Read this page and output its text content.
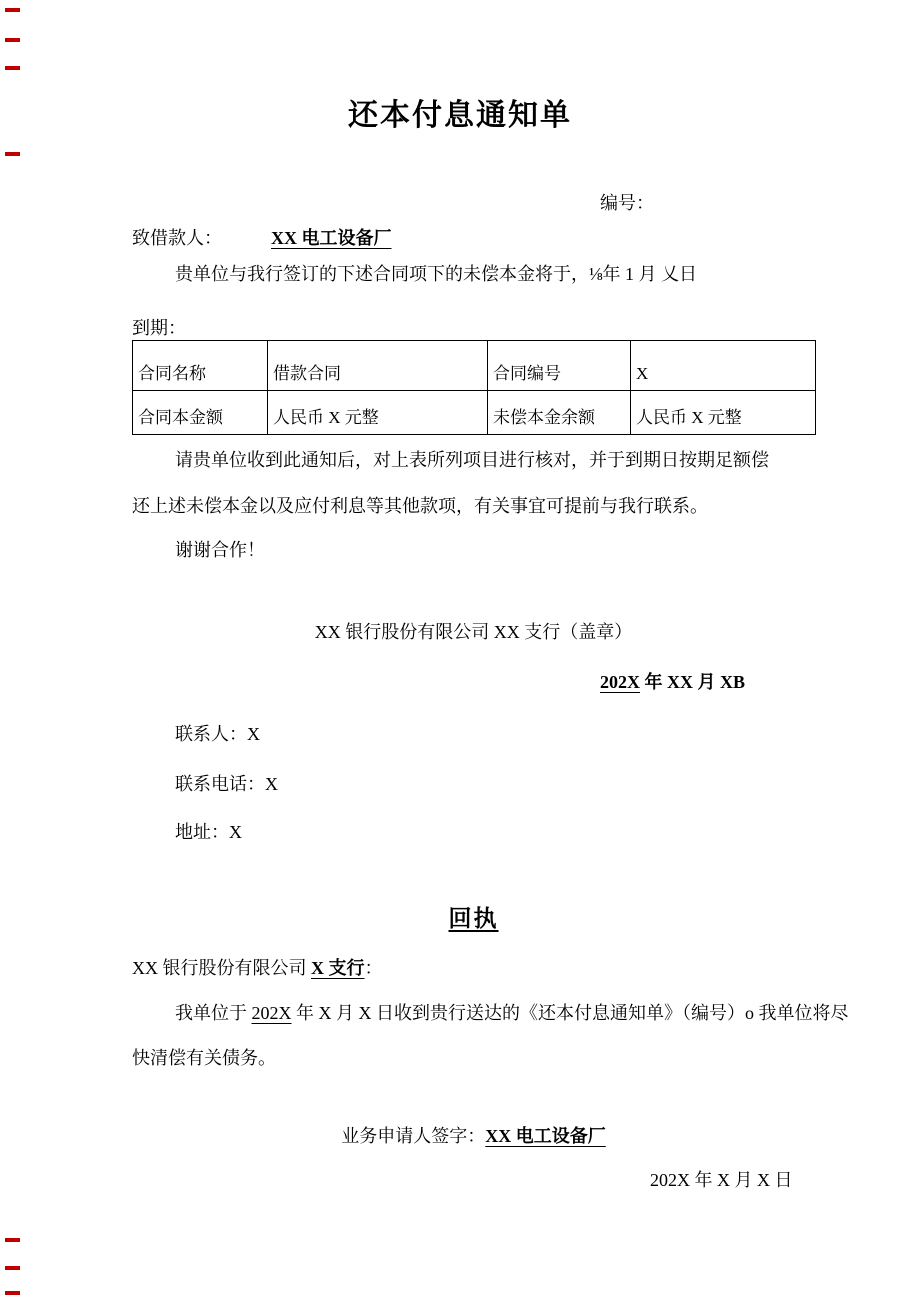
还本付息通知单
编号：
致借款人：	XX 电工设备厂
贵单位与我行签订的下述合同项下的未偿本金将于，⅛年 1 月 乂日
到期：
合同名称	借款合同	合同编号	X
合同本金额	人民币 X 元整	未偿本金余额	人民币 X 元整
请贵单位收到此通知后，对上表所列项目进行核对，并于到期日按期足额偿
还上述未偿本金以及应付利息等其他款项，有关事宜可提前与我行联系。
谢谢合作！
XX 银行股份有限公司 XX 支行（盖章）
202X 年 XX 月 XB
联系人：X
联系电话：X
地址：X
回执
XX 银行股份有限公司 X 支行：
我单位于 202X 年 X 月 X 日收到贵行送达的《还本付息通知单》（编号）o 我单位将尽
快清偿有关债务。
业务申请人签字：XX 电工设备厂
202X 年 X 月 X 日
